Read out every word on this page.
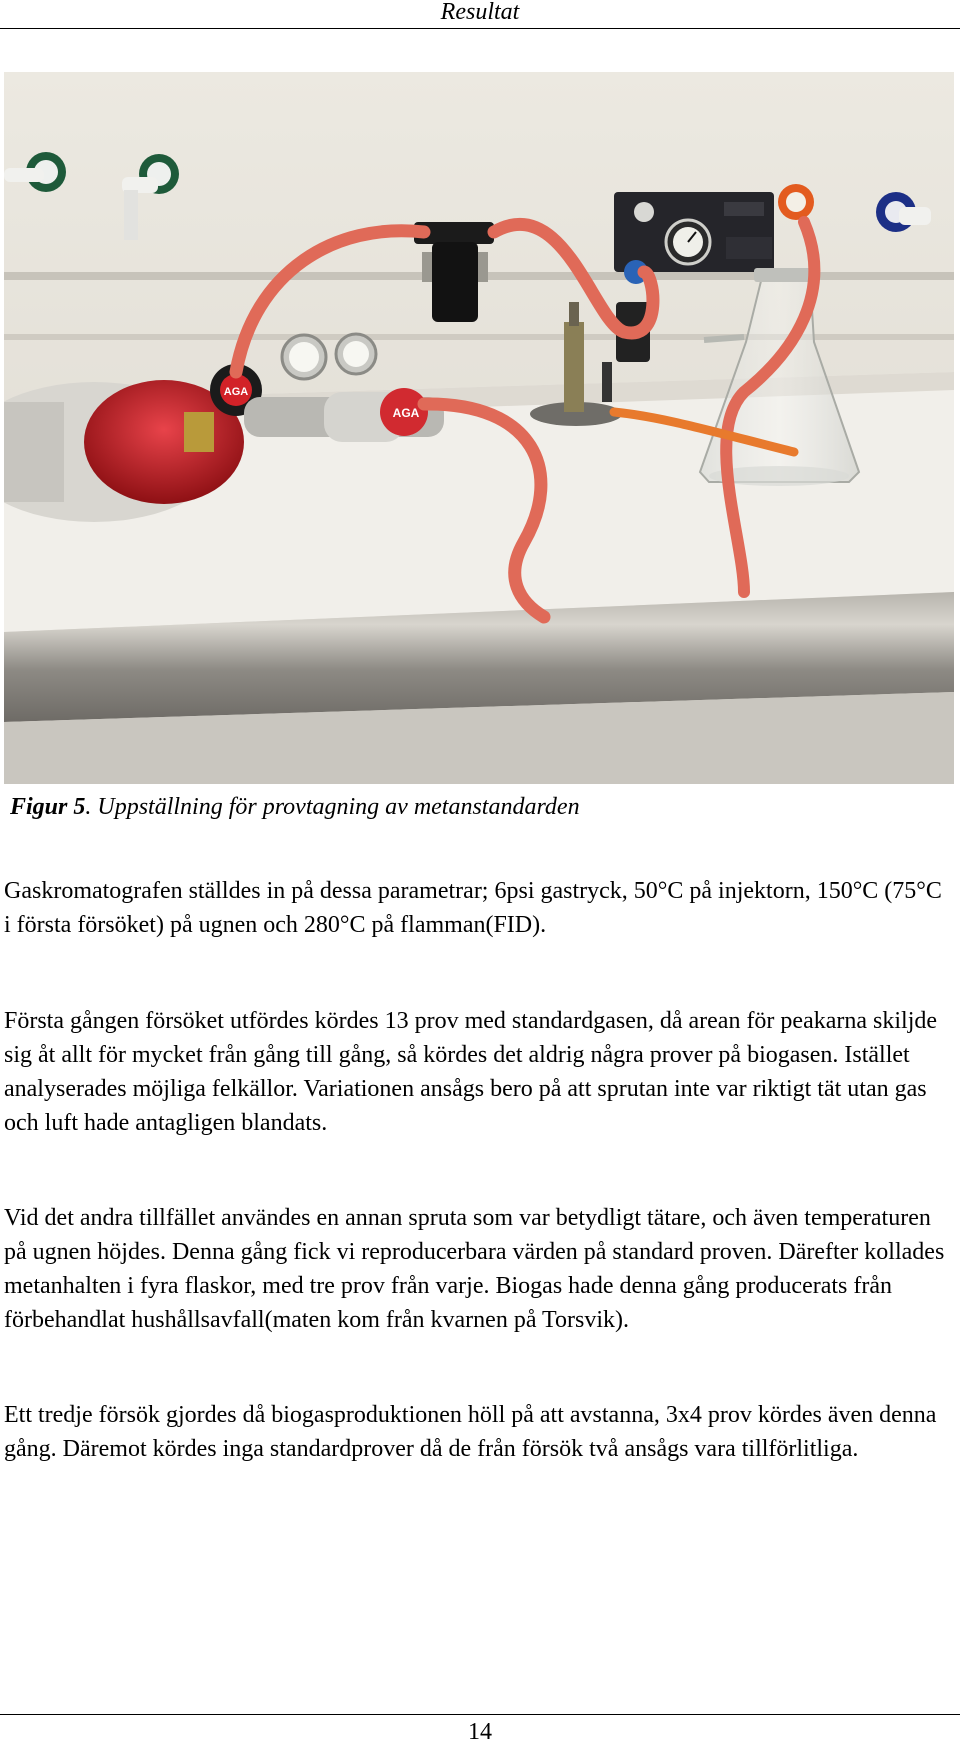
Resultat
AGA
AGA
Figur 5. Uppställning för provtagning av metanstandarden

Gaskromatografen ställdes in på dessa parametrar; 6psi gastryck, 50°C på injektorn, 150°C (75°C i första försöket) på ugnen och 280°C på flamman(FID).

Första gången försöket utfördes kördes 13 prov med standardgasen, då arean för peakarna skiljde sig åt allt för mycket från gång till gång, så kördes det aldrig några prover på biogasen. Istället analyserades möjliga felkällor. Variationen ansågs bero på att sprutan inte var riktigt tät utan gas och luft hade antagligen blandats.

Vid det andra tillfället användes en annan spruta som var betydligt tätare, och även temperaturen på ugnen höjdes. Denna gång fick vi reproducerbara värden på standard proven. Därefter kollades metanhalten i fyra flaskor, med tre prov från varje. Biogas hade denna gång producerats från förbehandlat hushållsavfall(maten kom från kvarnen på Torsvik).

Ett tredje försök gjordes då biogasproduktionen höll på att avstanna, 3x4 prov kördes även denna gång. Däremot kördes inga standardprover då de från försök två ansågs vara tillförlitliga.

14
